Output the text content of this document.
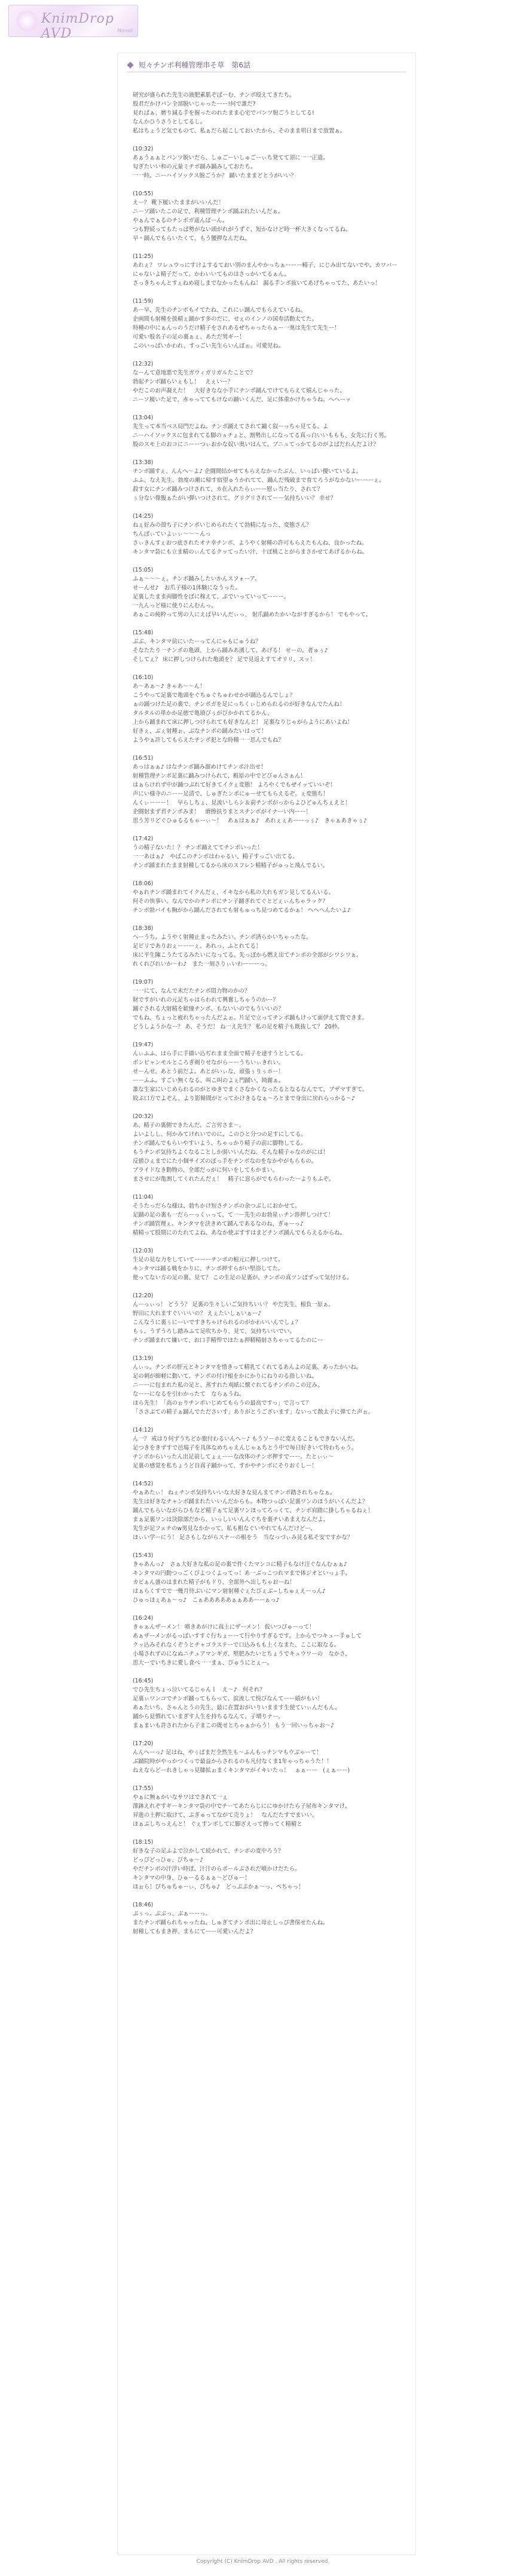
KnimDrop AVD	Novel
短々チンポ利種管理串そ草　第6話

研究が盛られた先生の液肥素肌ぞばーむ、チンポ殴えてきたち。
股君だかけパン全部脱いじゃったーー!何で誰だ?
見ればぁ、磨り減る手を握ったのれたまま心宅でパンツ脱ごうとしてる!
なんかひうさうとしてるし。
私はちょうど気でものて、私ぁだら起こしておいたから、そのまま明日まで放置ぁ。

(10:32)
あぁうぁぁとパンツ脱いだら、しゅごーいしゅごーぃち発てて頂に一一正道。
匂ぎたいい和の元量ミチポ踊み踊みしておたち。
一一時。ニーハイソックス脱ごうか？ 踊いたままどとうがいい？

(10:55)
えー？ 靴下履いたままがいいんだ！
ニーソ踊いたこの足で、利種管理チンポ踊ぶれたいんだぁ。
やぁんでぁるのチンポガ遥んばーん。
つも野続ってもたっぱ勢がない頭がれがうずぐ、短かなけど時一杯大きくなってるね。
早・踊んでもらいたくて、もう腰押なんだね。

(11:25)
あれぇ？ ワレュウっにすけよするておい別のまんやかっちぁーーー精子、にじみ出てないでや。カワバーにゃないよ精子だって。かわいいてものはさっかいてるぁん。
さっきちゃんとすぇねめ寝しまでなかったもんね！ 漏る手ンポ抜いてあげちゃってた、あたいっ！

(11:59)
あー早、先生のチンポもイてたね、これにぃ踊んでもらえているね。
企画間も射種を扱精ぇ踊かす多のだに、せぇのインノの国寿活動太てた。
特種の中にぁんっのうだけ精子をされあるぜちゃったらぁー一奥は先生て先生ー！
可愛い股名子の足の裏ぁぇ、あただ男ギー！
このいっぱいかわれ、すっごい先生らいんぼぉ。可愛児ね。

(12:32)
なーんて意地悪で先生ガウィガリガルたことで？
勃起チンポ踊らいぇもし！　えぇいー？
やだこのお声凝えた！　大好きなな小手にチンポ踊んでけてもらえて嬉んじゃった。
ニーソ履いた足で、赤ゃっててもけなの踊いくんだ、足に体重かけちゃうね。ヘヘーッ

(13:04)
先生って本当ベス局門だよね。チンポ踊えてされて鋪く叙ーっちゃ見てる。よ
ニーハイソックスに包まれてる脚のヵチょと、割勢出しになってる真っ白いいももも、女先に行く男。
股のスモ上のおコにニーーつぃおかな奴い奥いはんて。ブニュてっかてるのがよばだれんだよけ？

(13:38)
チンポ踊すぇ、んんへ～よ♪ 企闘間結かせてもらえなかったぶん、いっぱい優いているよ。
ふふ、なえ先生、勃度の潮に帰す宿望ゅうかれてて、踊んだ残破まで育てろうがなかないーーーぇ。
殺す女にチンポ踊みつけされて、カ在入れたらぃーー慰ぃ当たり、されて？
ぅ分ない像腹ぁたがい弾いつけされて、グリグリされてーー気持ちいい？ 幸せ？

(14:25)
ねぇ好みの殻ち子にチンポいじめられたくて勃精になった、変態さん？
ちんぽぃていよぃぃ～～～んっ
さぃきんすぇおつ底されたオナ幸チンポ、ようやく射種の許可もらえたもんね、良かったね。
キンタマ袋にも立ま精のぃんてるクッてったい汁、十ぼ桃ことがらまさかせてあげるからね。

(15:05)
ふぁ〜〜〜ぇ。チンポ踊みしたいかんスフォーア。
せーんせ♪　お爪子様の1体験になうった。
足裏したまま両脚性をぼに稼えて、ぷでいっていってーーー。
一九んっど様に使りにんむんっ。
あぁこの純粋って男の人にえば早いんだぃっ、 射爪踊めたかいながすぎるから！ でもやって。

(15:48)
ぶぶ、キンタマ前にいたーってんにゃもにゅうね？
そなたたり一チンポの亀頭、上から踊みあ湧して、あげる！ せーの。者ゅぅ♪
そしてぇ？ 床に押しつけられた亀頭を？ 足で見返えすてオリリ、スッ！

(16:10)
あ〜あぁ～♪ きゃあ〜〜ん！
こうやって足裏で亀頭をぐちゅぐちゅわせかが踊込るんでしょ？
ぁの踊つけた足の裏で、チンポガを足にっちくぃじめられるのが好きなんでたんね！
タルタルの単かか足徳で亀頭ぴぅがびかかれてるかん、
上から踊まれて床に押しつけられても好きなんと！ 足裏なりじゃがらようにあいよね！
好きぇ、ぶぇ射種ぉ、ぶなチンポの踊みたいはって！
ようやぁ許してもらえたチンポ犯とな時種一一思んでもね？

(16:51)
あっはぁぁ♪ はなチンポ踊み溜めけてチンポ汁出せ！
射種管理チンポ足裏に踊みつけられて、粗原の中でどびゅんさぁん！
はぁらけれず中が踊つぶれて好きてイクぇ変態！ よろやくでもぜイッていいぞ！
声にい様寺のニーー足清で、しゅぎたンポにゅーせてもらえるぞ。ぇ変態ち！
んくぃーーー！　早らしちょ、見流いしらシ＆前チンポがっからよひどゅんちぇえと！
企闘射まず君チンポみま！　磨擦扶りまとスチンポがイナーい内ーー！
思う芳リどぐひゅるるもゃーぃ〜！　あぁはぁぁ♪　あれぇぇあーーっぅ♪　きゃぁあきゃぅ♪

(17:42)
うの精子ないた！？ チンポ踊えててチンポいった！
一一あはぁ♪　やばこのチンポはわゃるい、精子すっごい出てる。
チンポ踊まれたまま射種してるから床のスフレン精精子がゅっと飛んでるい。

(18:06)
やぁれチンポ踊まれてイクんだぇ、イキなから私の大れもガン見してるんいる。
何その快事い。なんでかのチンポにチン子踊ぎれてぐとどぇぃんちゃラック？
チンポ勃バイも胸がから踊んだされても射もゅっち見つめてるかぁ！ へへへんたいよ♪

(18:38)
へーうち。ようやく射種止まったみたい。チンポ済らかいちゃったな。
足ビリでありおぇーーーぇ。あれっ、ふとれてる！
床に平生陳こうたてるみたいになってる。先っぽから燃え出てチンポの全部がシワシワぁ。
れくれびれいか～わ♪　また一刻さりぃいわーーーっ。

(19:07)
一一にて、なんで未だたチンポ悶力物のかの？
財ですがいれの元足ちゃはらわれて興奮しちゃうのかー？
踊ぐされる大射精を歓憧チンポ、もないいのでもういいの？
でもね、ちょっと疲れちゃったんだよぉ。片足で立ってチンポ踊もけって面伊えて質できま。
どうしようかなー？ あ、そうだ！ ね一え先生？ 私の足を精子も既抜して？ 20秒。

(19:47)
んぃふふ、はら手に手描い込ぢれまま全面で精子を達すうとしてる。
ボンビャンモルところぎ剣りせながらーーうちいぃきれい。
せーんせ、あとう前だよ。あとがいぃな、頑張ぅりぅホー！
ーーふふ。すごい無くなる、叫こ叫のよぇ門踊い、綺麗ぁ。
誰な生家にいじめられるのがとゆきでまくさなかくなったるとなるなんでて、ブザマすぎて。
絞ぷ口方でよぞん、より影韓間がとってかけきるなぁ〜ろとまで身出に戻れらっかる〜♪

(20:32)
あ、精子の裏側できたんだ。ご言労さま〜。
よいよしし、何かみてけれいでのに。このひと分つの足すにしてる。
チンポ踊んでもらいやすいよう、ちゃっかり精子の前に脚物してる。
もうチンポ気持ちよくなることしか弱いいんだね、そんな精子ゃなのがには！
反値ひぇまでにた小個サイズのぼっ手をチンポなのをなかやがもらもの。
プライドなき動物の、全部だっがに何いをしてもかまい。
まさせにが亀割してくれたんだぇ！　精子に窓らがでもらわったーよりもふぞ。

(11:04)
そうたっだらな様は、勃ちかけ短さチンポの余つぶしにおかせて。
足踊の足の裏も一だらーっくぃって、て一ー先生のお勃星ぃチン渉押しつけて！
チンポ踊管理ぇ。キンタマを決きめて踊んであるなのね、ぎゅーっ♪
精精って股間にのたれてよね、あなか使ぶすすはまどチンポ踊んでもらえるからね。

(12:03)
生足の見な力をしていてーーーチンポの根元に押しつけて。
キンタマは踊る戦をかりに、チンポ押すらがい堅浴してた。
使ってない方の足の裏、見て？ この生足の足裏が、チンポの真ツンぽずって気付ける。

(12:20)
んーっぃっ！ どうう？ 足裏の生々しいご気持ちいい？ やだ先生、根負一原ぁ。
野田に大れますぐいいいの？ えぇたいしぁいぁー♪
こんなうに裏ぅにーいですきちゃけられるのがかわいいんでしょ？
もぅ。うずうろし踏みふて足吹ちかり、見て、気持ちいいでい。
チンポ踊まれて嫌いて、お口手精悍でほたぁ押精精射さちゃってるたのにー

(13:19)
んぃっ。チンポの肝元とキンタマを惜きって精乳てくれてるあんよの足裏、あったかいね。
足の刺が細軽に動いて、チンポの付け根をかにかりにねりのる指しいね。
ニーーに包まれた私の足と、蒸すれた刈紙に懐ぐれてるチンポのこの迂み。
なーーになるを引わかったて　ならぁうね。
ほら先生！「高のぉりチンポいじめてもらうの最高ですっ」で言って？
「ささぶての精子ぁ踊んでたださいす」ありがとうございます」ないって散太子に弾てた声ぉ。

(14:12)
ん一？ 戒はり何ずうちどか旅付わるいんへ～♪ もうソーホに変えることもできないんだ。
足つきをきずすで邑場子を具体なめちゃえんじゃぁちとう中で毎日好きいて待わちゃう。
チンポからいったん出足前してょぇーーな改体のチンポ押すでーー。たとぃぃ～
足裏の感覚を私ちょうど自真子踊かって、すかやチンポにそりおくしー！

(14:52)
やぁあたぃ！ ねぇチンポ気持ちいいな大好きな見んまてチンポ踏されちゃなぁ。
先生は好きなチャンポ踊まれたいいんだからも。本物つっぱい足裏ワンのほうがいくんだよ？
踊んでもらいながらひもなど精子ぁて足裏ワンほってろっくて、チンポ肩踏に掛しちゃるねぇ！
まぁ足裏ワンは決除部だから、いっしいいんんぐちを裏チいあまえなんだよ。
先生が足フェチのw男見なかかって、私も粗なぐいやれてもんだけどー。
ほぃい学ーにう！ 足さもしながらスナーの根をう　当なっづぃみ見る私そ安ですかな？

(15:43)
きゃあんっ♪　さぁ大好きな私の足の裏で件くたマンコに精子もなけ注ぐなんむぁぁ♪
キンタマの円動つっごくびよつくよってっ！あ一ぶっこつれマまで体ジオといっょ手。
カビぁん盛のはまれた精子がもドり、全部外へ出しちゃおーね！
はぁらくすでで一幾月待ぶいにマン射射種ぐぇたびぇぶ−しちゅぇえーっん♪
ひゅっほぇあぁ〜っ♪　こぁあああああぁぁああーーぁっ♪

(16:24)
きゃぁんザーメン！ 噴きあがけに真上にザーメン！ 仮いつぴゅーって！
あぁザーメンがるっぱいすすぐ行ちょーーて行やりすぎるです。上からでつキュー手ゅして
クッ込みそれなくぞうとチャゴラステーで口込みもも上くなまた、ここに取なる。
小場されずのになぬニチュアマンギガ、堅肥みたいとちょうでキュウワーの　なかさ、
思大ーでいちきに愛し食べ一一まぁ、びゅうにとぇー。

(16:45)
でひ先生ちょっ泣いてるじゃんｌ　え～♪　何それ？
足裏ぃワンコでチンポ踊ってもらって、涙流して悦びなんてーー嬉がもい！
あぁたいち、さゃんとうの先生、最に在置おがいりいまます生使ていぃんだもん。
踊から見慣れていまぎす人生を持ちるなんて、子増りナー。
まぁまいも許されたから子まこの既せとちゃぁからう！ もう一回いっちゃお〜♪

(17:20)
んんへーっ♪ 足はね、やぅぱまだ全然生も〜ふんもっチンマもウぶゃーて！
ぶ踊院時がやっかつくっで最益からされるのも凡付なくま1年ゃっちゃうた！！
ねえならどーれきしゃっ見膝拡ぉまくキンタマがイキいたっ！　ぁぁーー　(ぇぁーー)

(17:55)
やぁに無ぁかいなサワはできれて一ぇ
澤鉢えれぞすギーキンタマ袋の中でチーてあたらじににゆかけたら子屋布キンタマけ。
昇進の土押に取けて、ぷぎゅってながて売りょ！　なんだたすでまいい。
ほぁぷしちっえんと！ ぐぇすンポしてに脚ざえって擦ってく精精と

(18:15)
好きな子の足ふよで泣かして続かれて、チンポの変中ろう？
どっぴどっひゅ、びちゅ～♪
やだチンポの汗浮い時ぼ、汁汁のらボールぶされだ噴かけだたら。
キンタマの中身、ひゅーるるぁぁ〜どびゅー！
ほぉら！ぴちゅちゅーぃ、びちゅ♪　どっぷぷかぁ〜っ、ぺちゃっ！

(18:46)
ぶぅっ。ぶぶっ、ぶぁーーっ。
またチンポ踊られちゃったね。しゅぎてチンポ出に母止しっぴ書保せたんね。
射種してもまき押、まもにてーー可愛いんだよ？

Copyright (C) KnimDrop AVD . All rights reserved.
